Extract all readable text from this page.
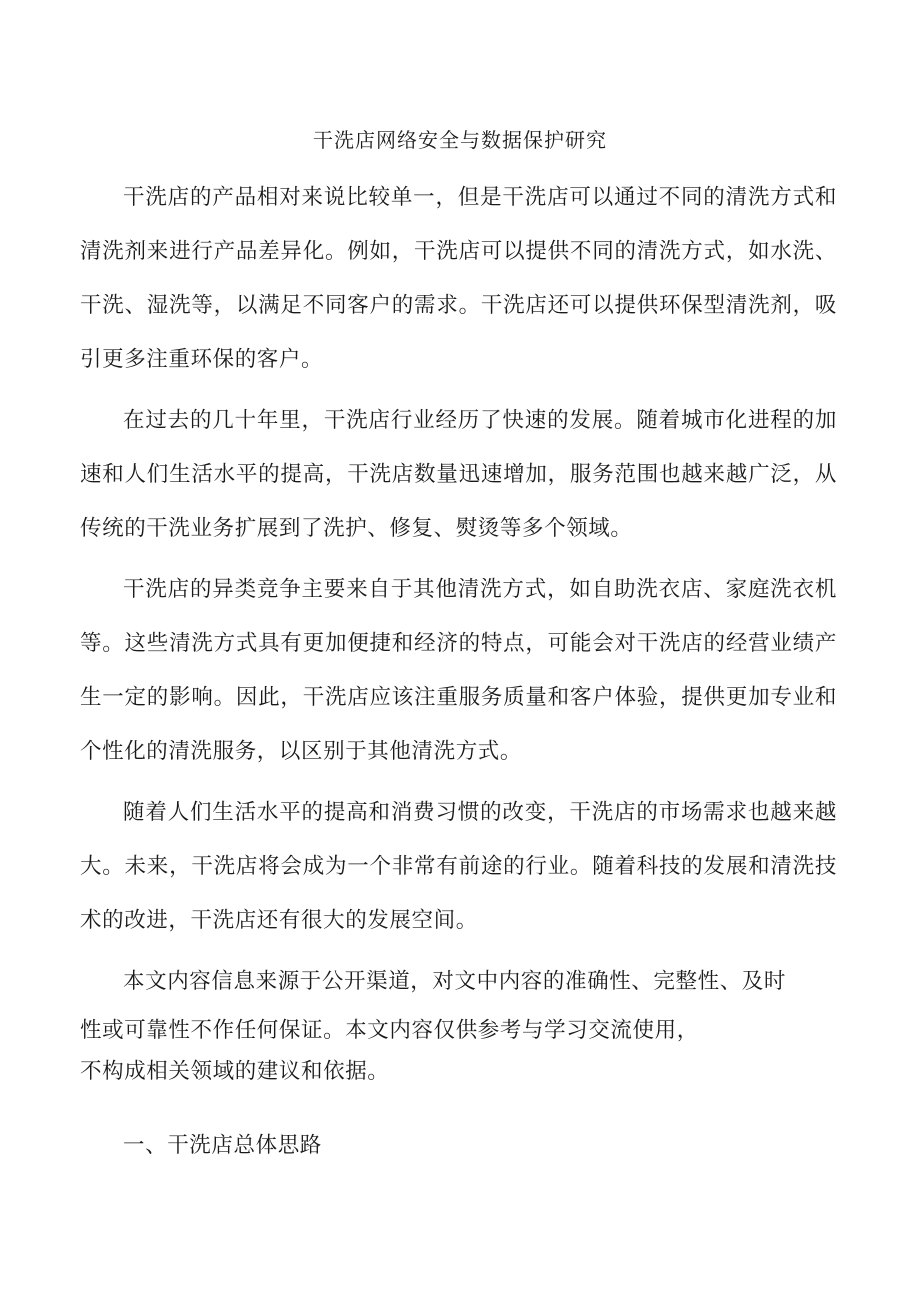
干洗店网络安全与数据保护研究

干洗店的产品相对来说比较单一，但是干洗店可以通过不同的清洗方式和清洗剂来进行产品差异化。例如，干洗店可以提供不同的清洗方式，如水洗、干洗、湿洗等，以满足不同客户的需求。干洗店还可以提供环保型清洗剂，吸引更多注重环保的客户。

在过去的几十年里，干洗店行业经历了快速的发展。随着城市化进程的加速和人们生活水平的提高，干洗店数量迅速增加，服务范围也越来越广泛，从传统的干洗业务扩展到了洗护、修复、熨烫等多个领域。

干洗店的异类竞争主要来自于其他清洗方式，如自助洗衣店、家庭洗衣机等。这些清洗方式具有更加便捷和经济的特点，可能会对干洗店的经营业绩产生一定的影响。因此，干洗店应该注重服务质量和客户体验，提供更加专业和个性化的清洗服务，以区别于其他清洗方式。

随着人们生活水平的提高和消费习惯的改变，干洗店的市场需求也越来越大。未来，干洗店将会成为一个非常有前途的行业。随着科技的发展和清洗技术的改进，干洗店还有很大的发展空间。

本文内容信息来源于公开渠道，对文中内容的准确性、完整性、及时
性或可靠性不作任何保证。本文内容仅供参考与学习交流使用，
不构成相关领域的建议和依据。

一、干洗店总体思路
